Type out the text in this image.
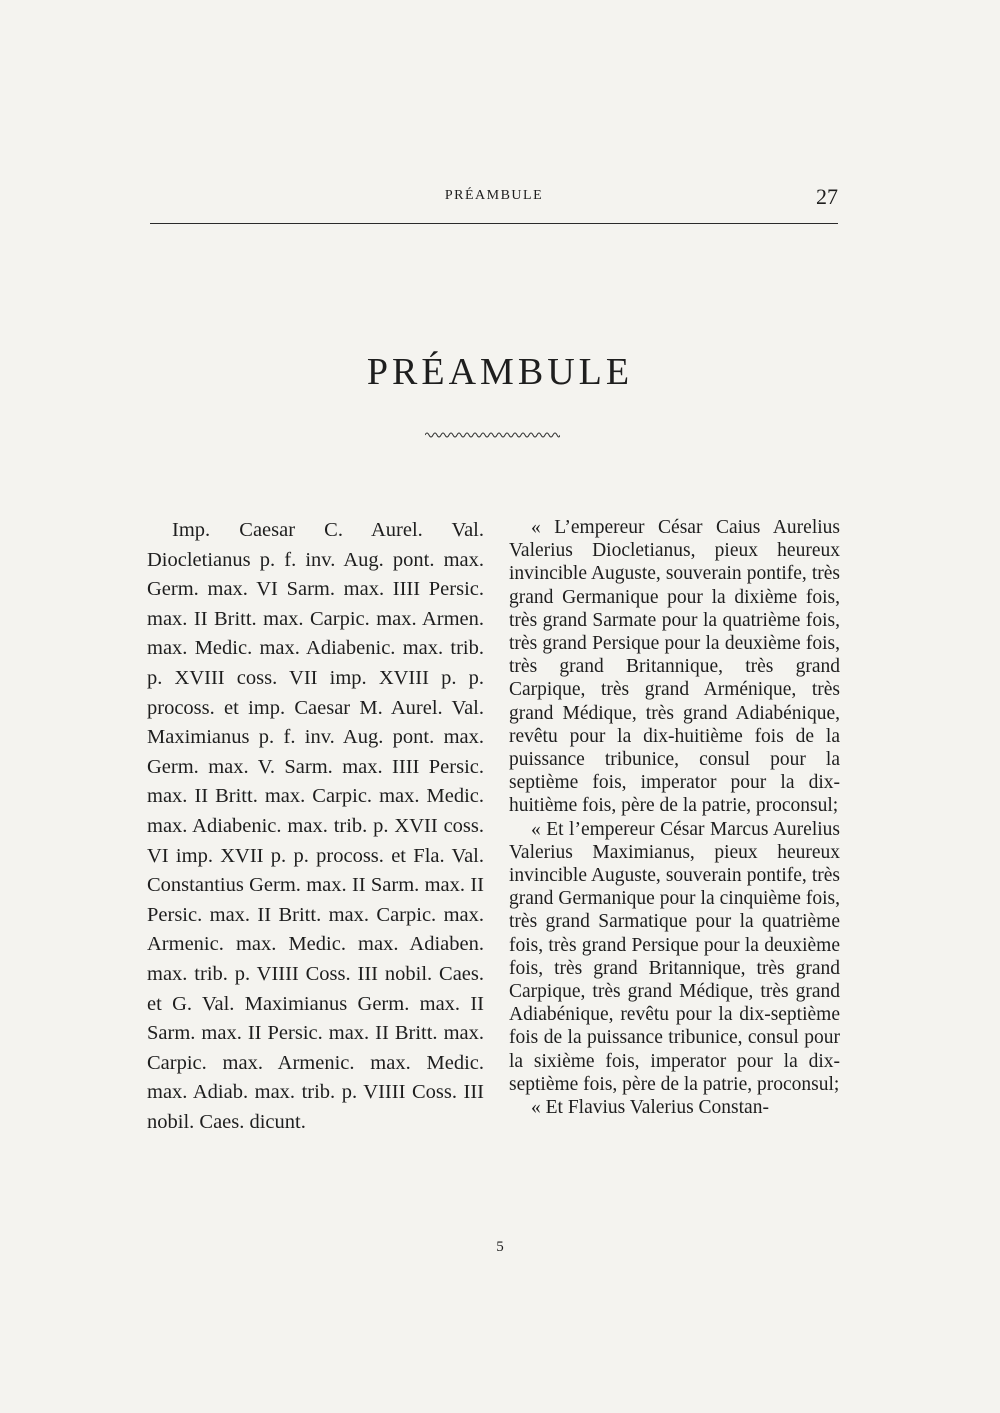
PRÉAMBULE	27
PRÉAMBULE

Imp. Caesar C. Aurel. Val. Diocletianus p. f. inv. Aug. pont. max. Germ. max. VI Sarm. max. IIII Persic. max. II Britt. max. Carpic. max. Armen. max. Medic. max. Adiabenic. max. trib. p. XVIII coss. VII imp. XVIII p. p. procoss. et imp. Caesar M. Aurel. Val. Maximianus p. f. inv. Aug. pont. max. Germ. max. V. Sarm. max. IIII Persic. max. II Britt. max. Carpic. max. Medic. max. Adiabenic. max. trib. p. XVII coss. VI imp. XVII p. p. procoss. et Fla. Val. Constantius Germ. max. II Sarm. max. II Persic. max. II Britt. max. Carpic. max. Armenic. max. Medic. max. Adiaben. max. trib. p. VIIII Coss. III nobil. Caes. et G. Val. Maximianus Germ. max. II Sarm. max. II Persic. max. II Britt. max. Carpic. max. Armenic. max. Medic. max. Adiab. max. trib. p. VIIII Coss. III nobil. Caes. dicunt.

« L’empereur César Caius Aurelius Valerius Diocletianus, pieux heureux invincible Auguste, souverain pontife, très grand Germanique pour la dixième fois, très grand Sarmate pour la quatrième fois, très grand Persique pour la deuxième fois, très grand Britannique, très grand Carpique, très grand Arménique, très grand Médique, très grand Adiabénique, revêtu pour la dix-huitième fois de la puissance tribunice, consul pour la septième fois, imperator pour la dix-huitième fois, père de la patrie, proconsul;

« Et l’empereur César Marcus Aurelius Valerius Maximianus, pieux heureux invincible Auguste, souverain pontife, très grand Germanique pour la cinquième fois, très grand Sarmatique pour la quatrième fois, très grand Persique pour la deuxième fois, très grand Britannique, très grand Carpique, très grand Médique, très grand Adiabénique, revêtu pour la dix-septième fois de la puissance tribunice, consul pour la sixième fois, imperator pour la dix-septième fois, père de la patrie, proconsul;

« Et Flavius Valerius Constan-

5
